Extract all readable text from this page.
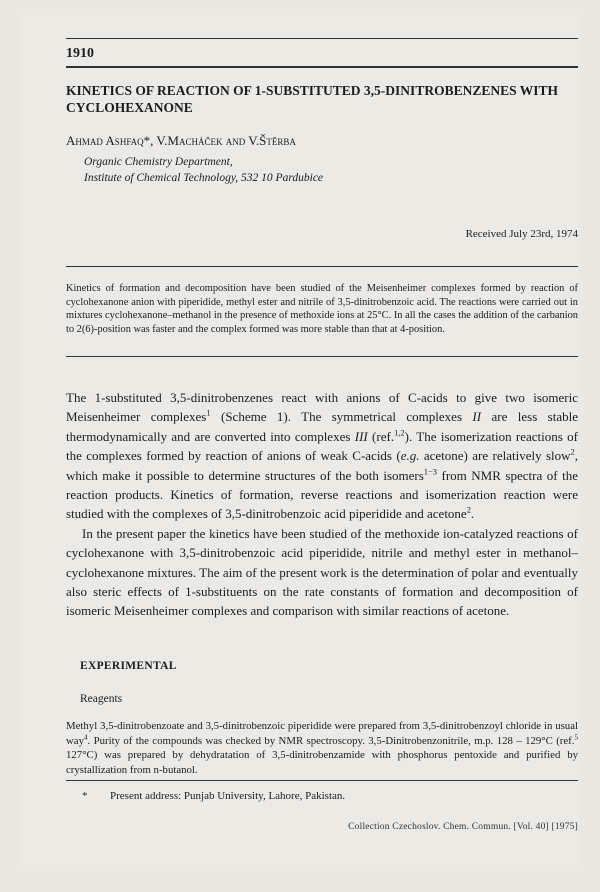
1910
KINETICS OF REACTION OF 1-SUBSTITUTED 3,5-DINITROBENZENES WITH CYCLOHEXANONE
Ahmad Ashfaq*, V.Macháček and V.Štěrba
Organic Chemistry Department,
Institute of Chemical Technology, 532 10 Pardubice
Received July 23rd, 1974
Kinetics of formation and decomposition have been studied of the Meisenheimer complexes formed by reaction of cyclohexanone anion with piperidide, methyl ester and nitrile of 3,5-dinitrobenzoic acid. The reactions were carried out in mixtures cyclohexanone–methanol in the presence of methoxide ions at 25°C. In all the cases the addition of the carbanion to 2(6)-position was faster and the complex formed was more stable than that at 4-position.

The 1-substituted 3,5-dinitrobenzenes react with anions of C-acids to give two isomeric Meisenheimer complexes$^1$ (Scheme 1). The symmetrical complexes II are less stable thermodynamically and are converted into complexes III (ref.$^{1,2}$). The isomerization reactions of the complexes formed by reaction of anions of weak C-acids (e.g. acetone) are relatively slow$^2$, which make it possible to determine structures of the both isomers$^{1-3}$ from NMR spectra of the reaction products. Kinetics of formation, reverse reactions and isomerization reaction were studied with the complexes of 3,5-dinitrobenzoic acid piperidide and acetone$^2$.

In the present paper the kinetics have been studied of the methoxide ion-catalyzed reactions of cyclohexanone with 3,5-dinitrobenzoic acid piperidide, nitrile and methyl ester in methanol–cyclohexanone mixtures. The aim of the present work is the determination of polar and eventually also steric effects of 1-substituents on the rate constants of formation and decomposition of isomeric Meisenheimer complexes and comparison with similar reactions of acetone.

EXPERIMENTAL
Reagents
Methyl 3,5-dinitrobenzoate and 3,5-dinitrobenzoic piperidide were prepared from 3,5-dinitrobenzoyl chloride in usual way$^4$. Purity of the compounds was checked by NMR spectroscopy. 3,5-Dinitrobenzonitrile, m.p. 128 – 129°C (ref.$^5$ 127°C) was prepared by dehydratation of 3,5-dinitrobenzamide with phosphorus pentoxide and purified by crystallization from n-butanol.
* Present address: Punjab University, Lahore, Pakistan.
Collection Czechoslov. Chem. Commun. [Vol. 40] [1975]
